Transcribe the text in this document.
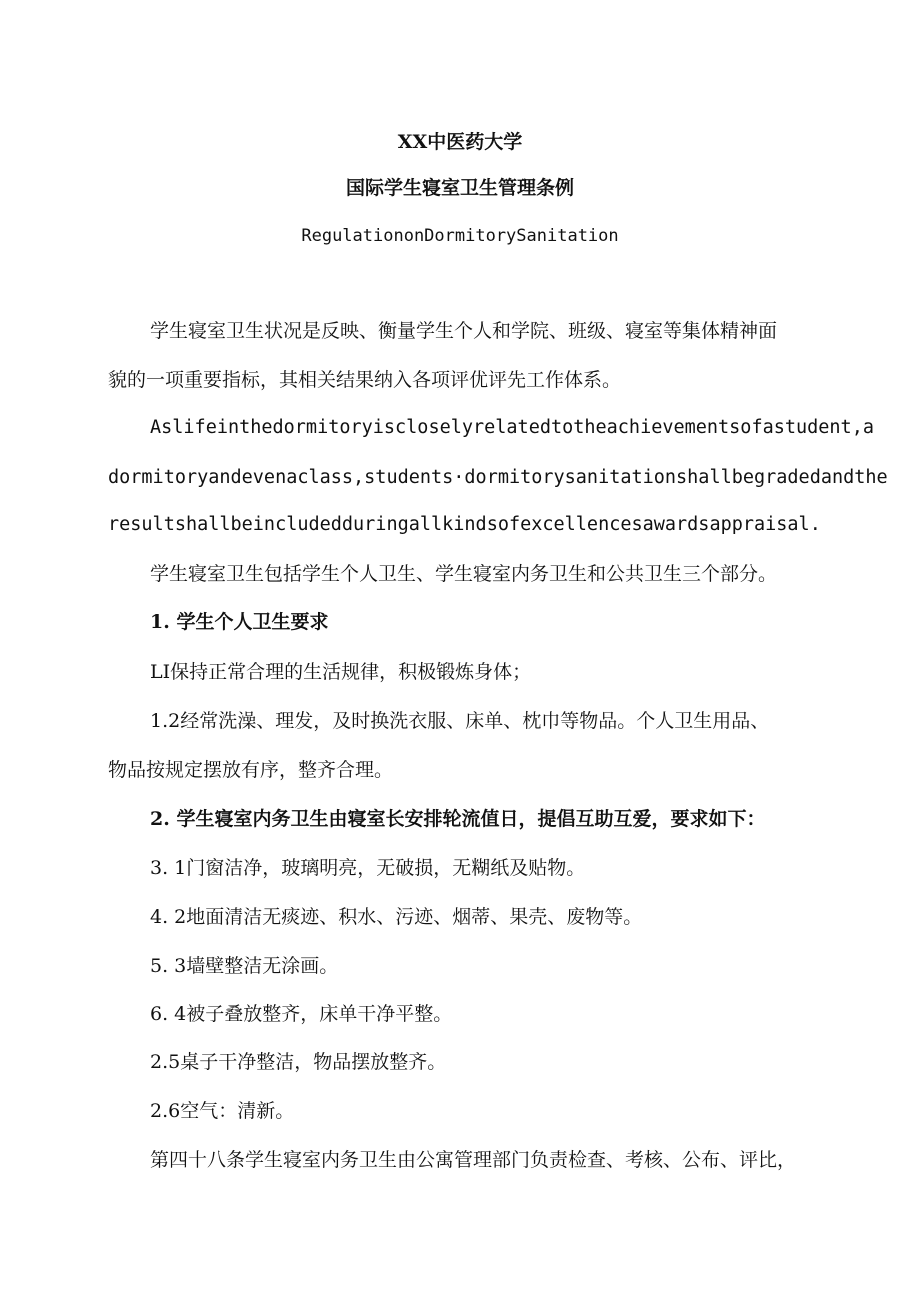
XX中医药大学
国际学生寝室卫生管理条例
RegulationonDormitorySanitation
学生寝室卫生状况是反映、衡量学生个人和学院、班级、寝室等集体精神面
貌的一项重要指标，其相关结果纳入各项评优评先工作体系。
Aslifeinthedormitoryiscloselyrelatedtotheachievementsofastudent,a
dormitoryandevenaclass,students·dormitorysanitationshallbegradedandthe
resultshallbeincludedduringallkindsofexcellencesawardsappraisal.
学生寝室卫生包括学生个人卫生、学生寝室内务卫生和公共卫生三个部分。
1. 学生个人卫生要求
LI保持正常合理的生活规律，积极锻炼身体；
1.2经常洗澡、理发，及时换洗衣服、床单、枕巾等物品。个人卫生用品、
物品按规定摆放有序，整齐合理。
2. 学生寝室内务卫生由寝室长安排轮流值日，提倡互助互爱，要求如下：
3. 1门窗洁净，玻璃明亮，无破损，无糊纸及贴物。
4. 2地面清洁无痰迹、积水、污迹、烟蒂、果壳、废物等。
5. 3墙壁整洁无涂画。
6. 4被子叠放整齐，床单干净平整。
2.5桌子干净整洁，物品摆放整齐。
2.6空气：清新。
第四十八条学生寝室内务卫生由公寓管理部门负责检查、考核、公布、评比，
